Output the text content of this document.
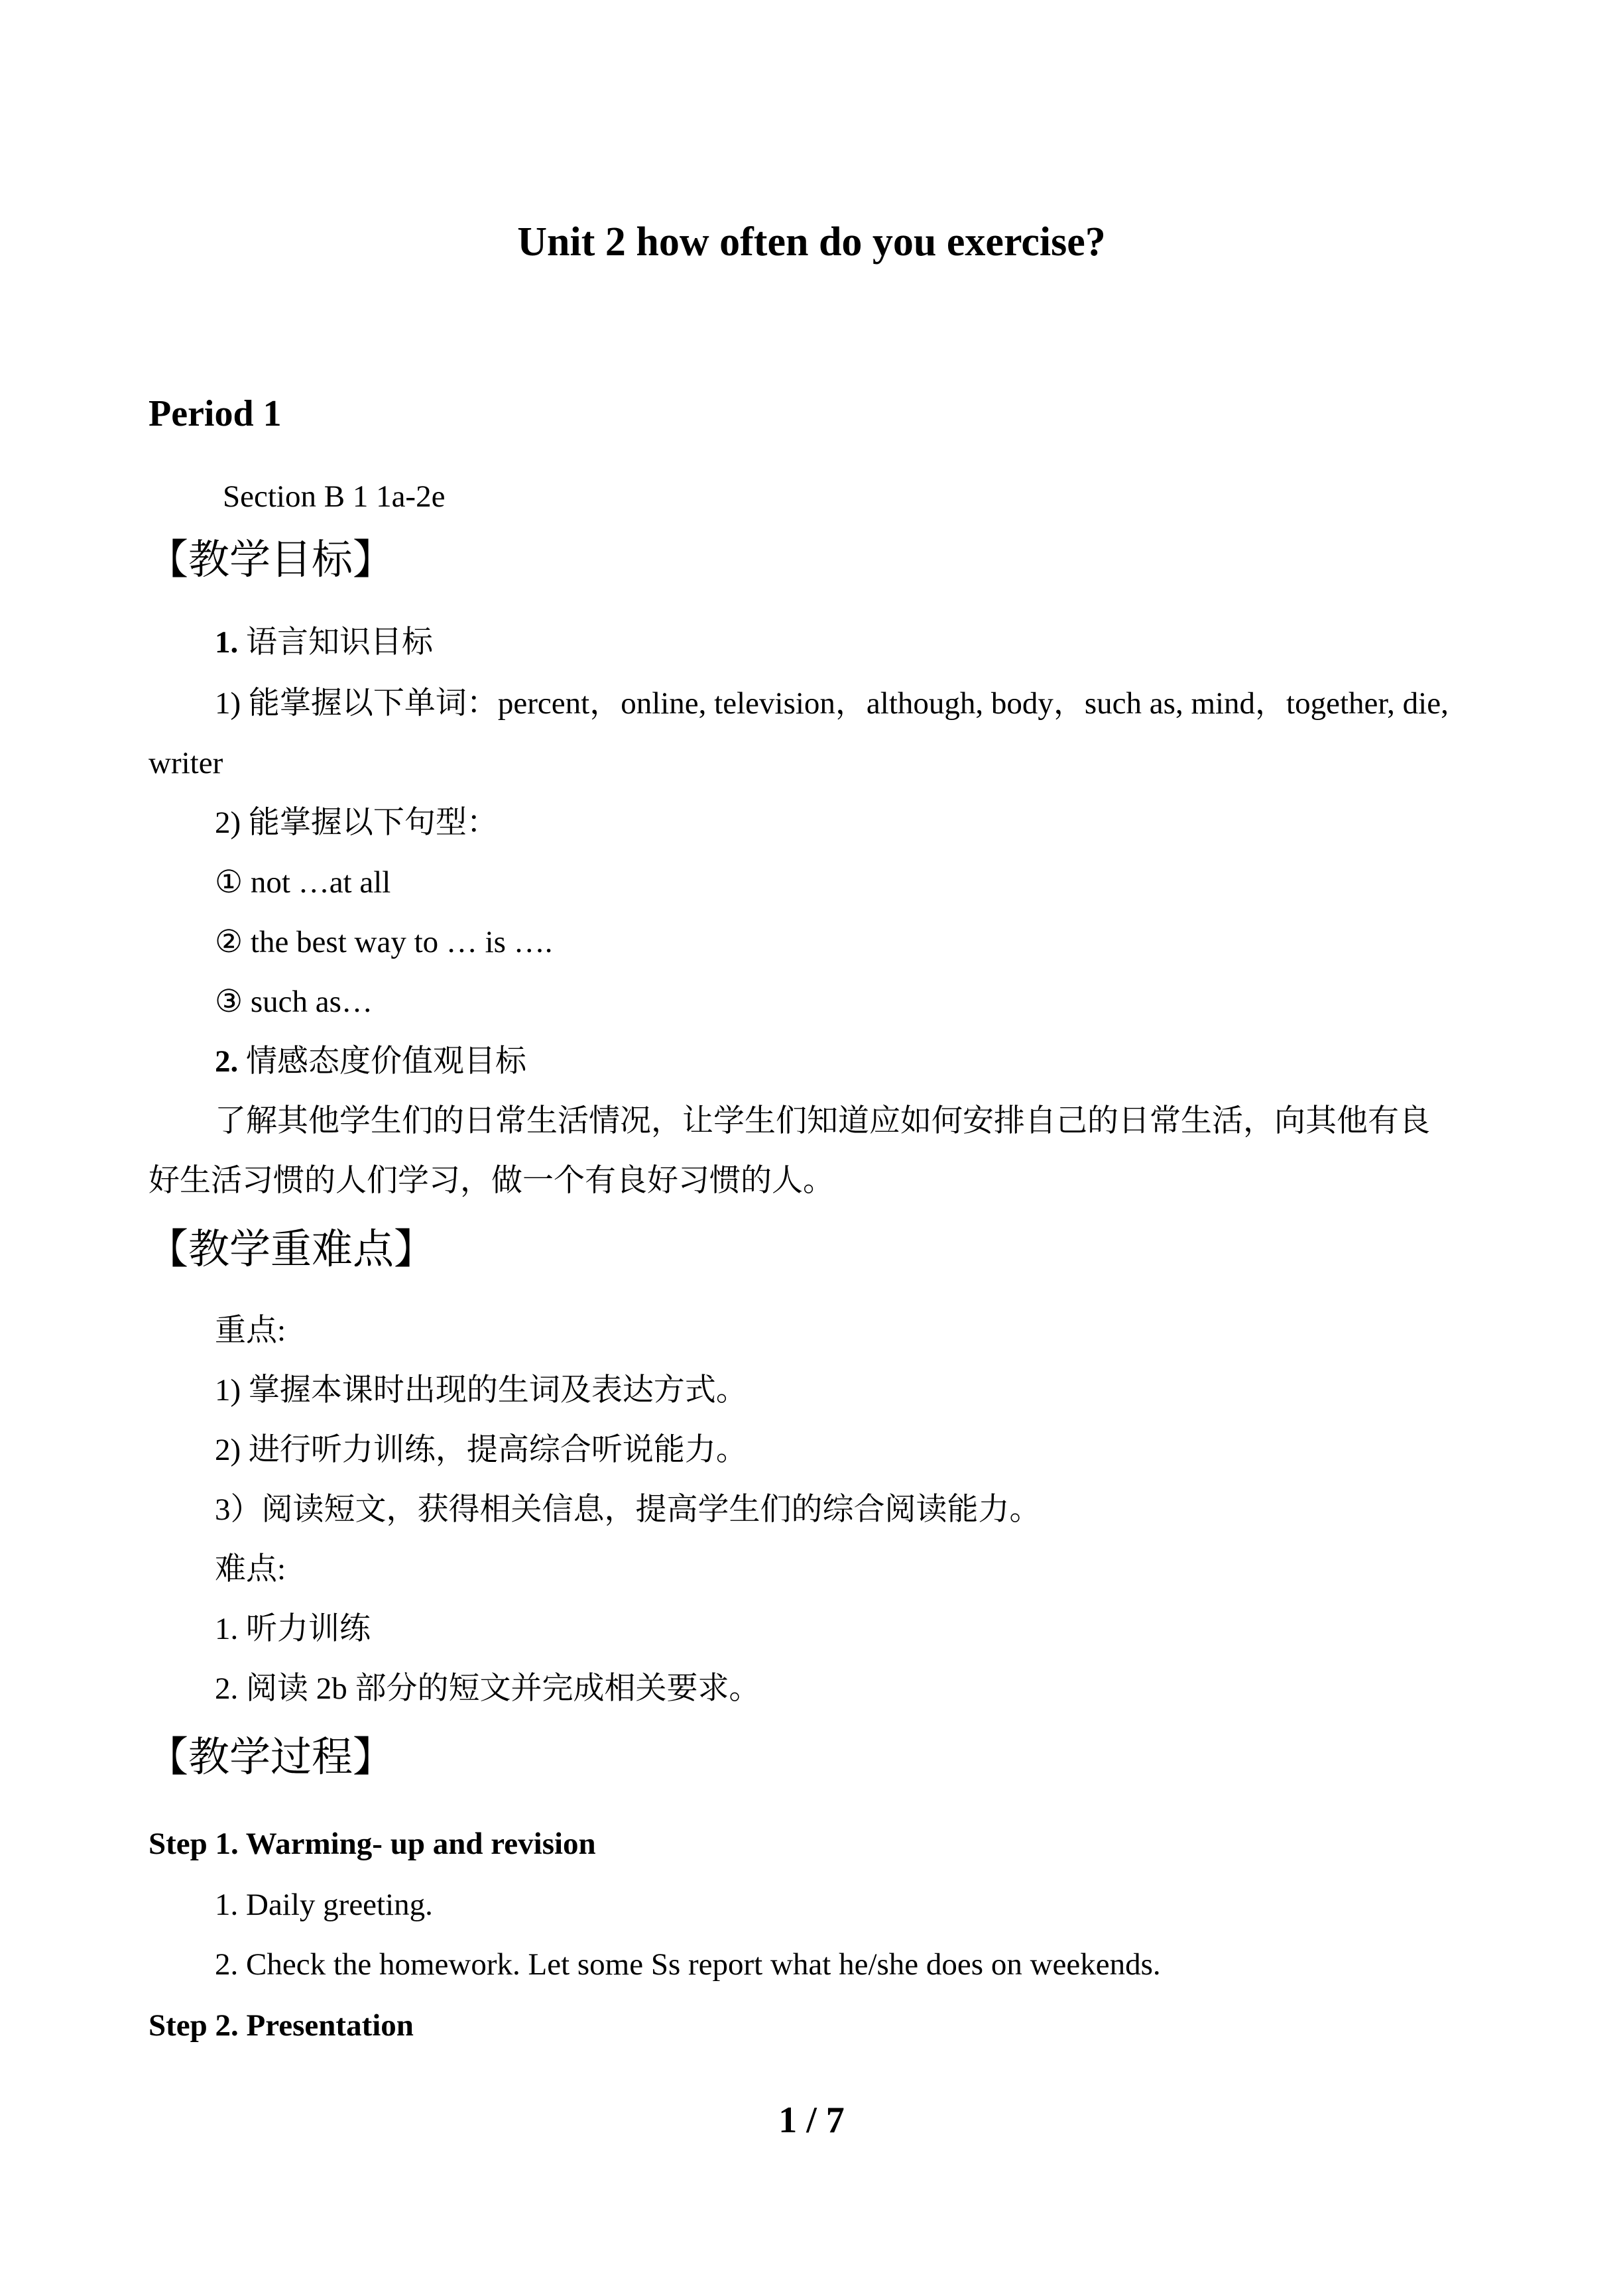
Unit 2 how often do you exercise?
Period 1
Section B 1 1a-2e
【教学目标】
1. 语言知识目标
1) 能掌握以下单词：percent，online, television，although, body，such as, mind，together, die,
writer
2) 能掌握以下句型：
① not …at all
② the best way to … is ….
③ such as…
2. 情感态度价值观目标
了解其他学生们的日常生活情况，让学生们知道应如何安排自己的日常生活，向其他有良
好生活习惯的人们学习，做一个有良好习惯的人。
【教学重难点】
重点:
1) 掌握本课时出现的生词及表达方式。
2) 进行听力训练，提高综合听说能力。
3）阅读短文，获得相关信息，提高学生们的综合阅读能力。
难点:
1. 听力训练
2. 阅读 2b 部分的短文并完成相关要求。
【教学过程】
Step 1. Warming- up and revision
1. Daily greeting.
2. Check the homework. Let some Ss report what he/she does on weekends.
Step 2. Presentation
1 / 7
